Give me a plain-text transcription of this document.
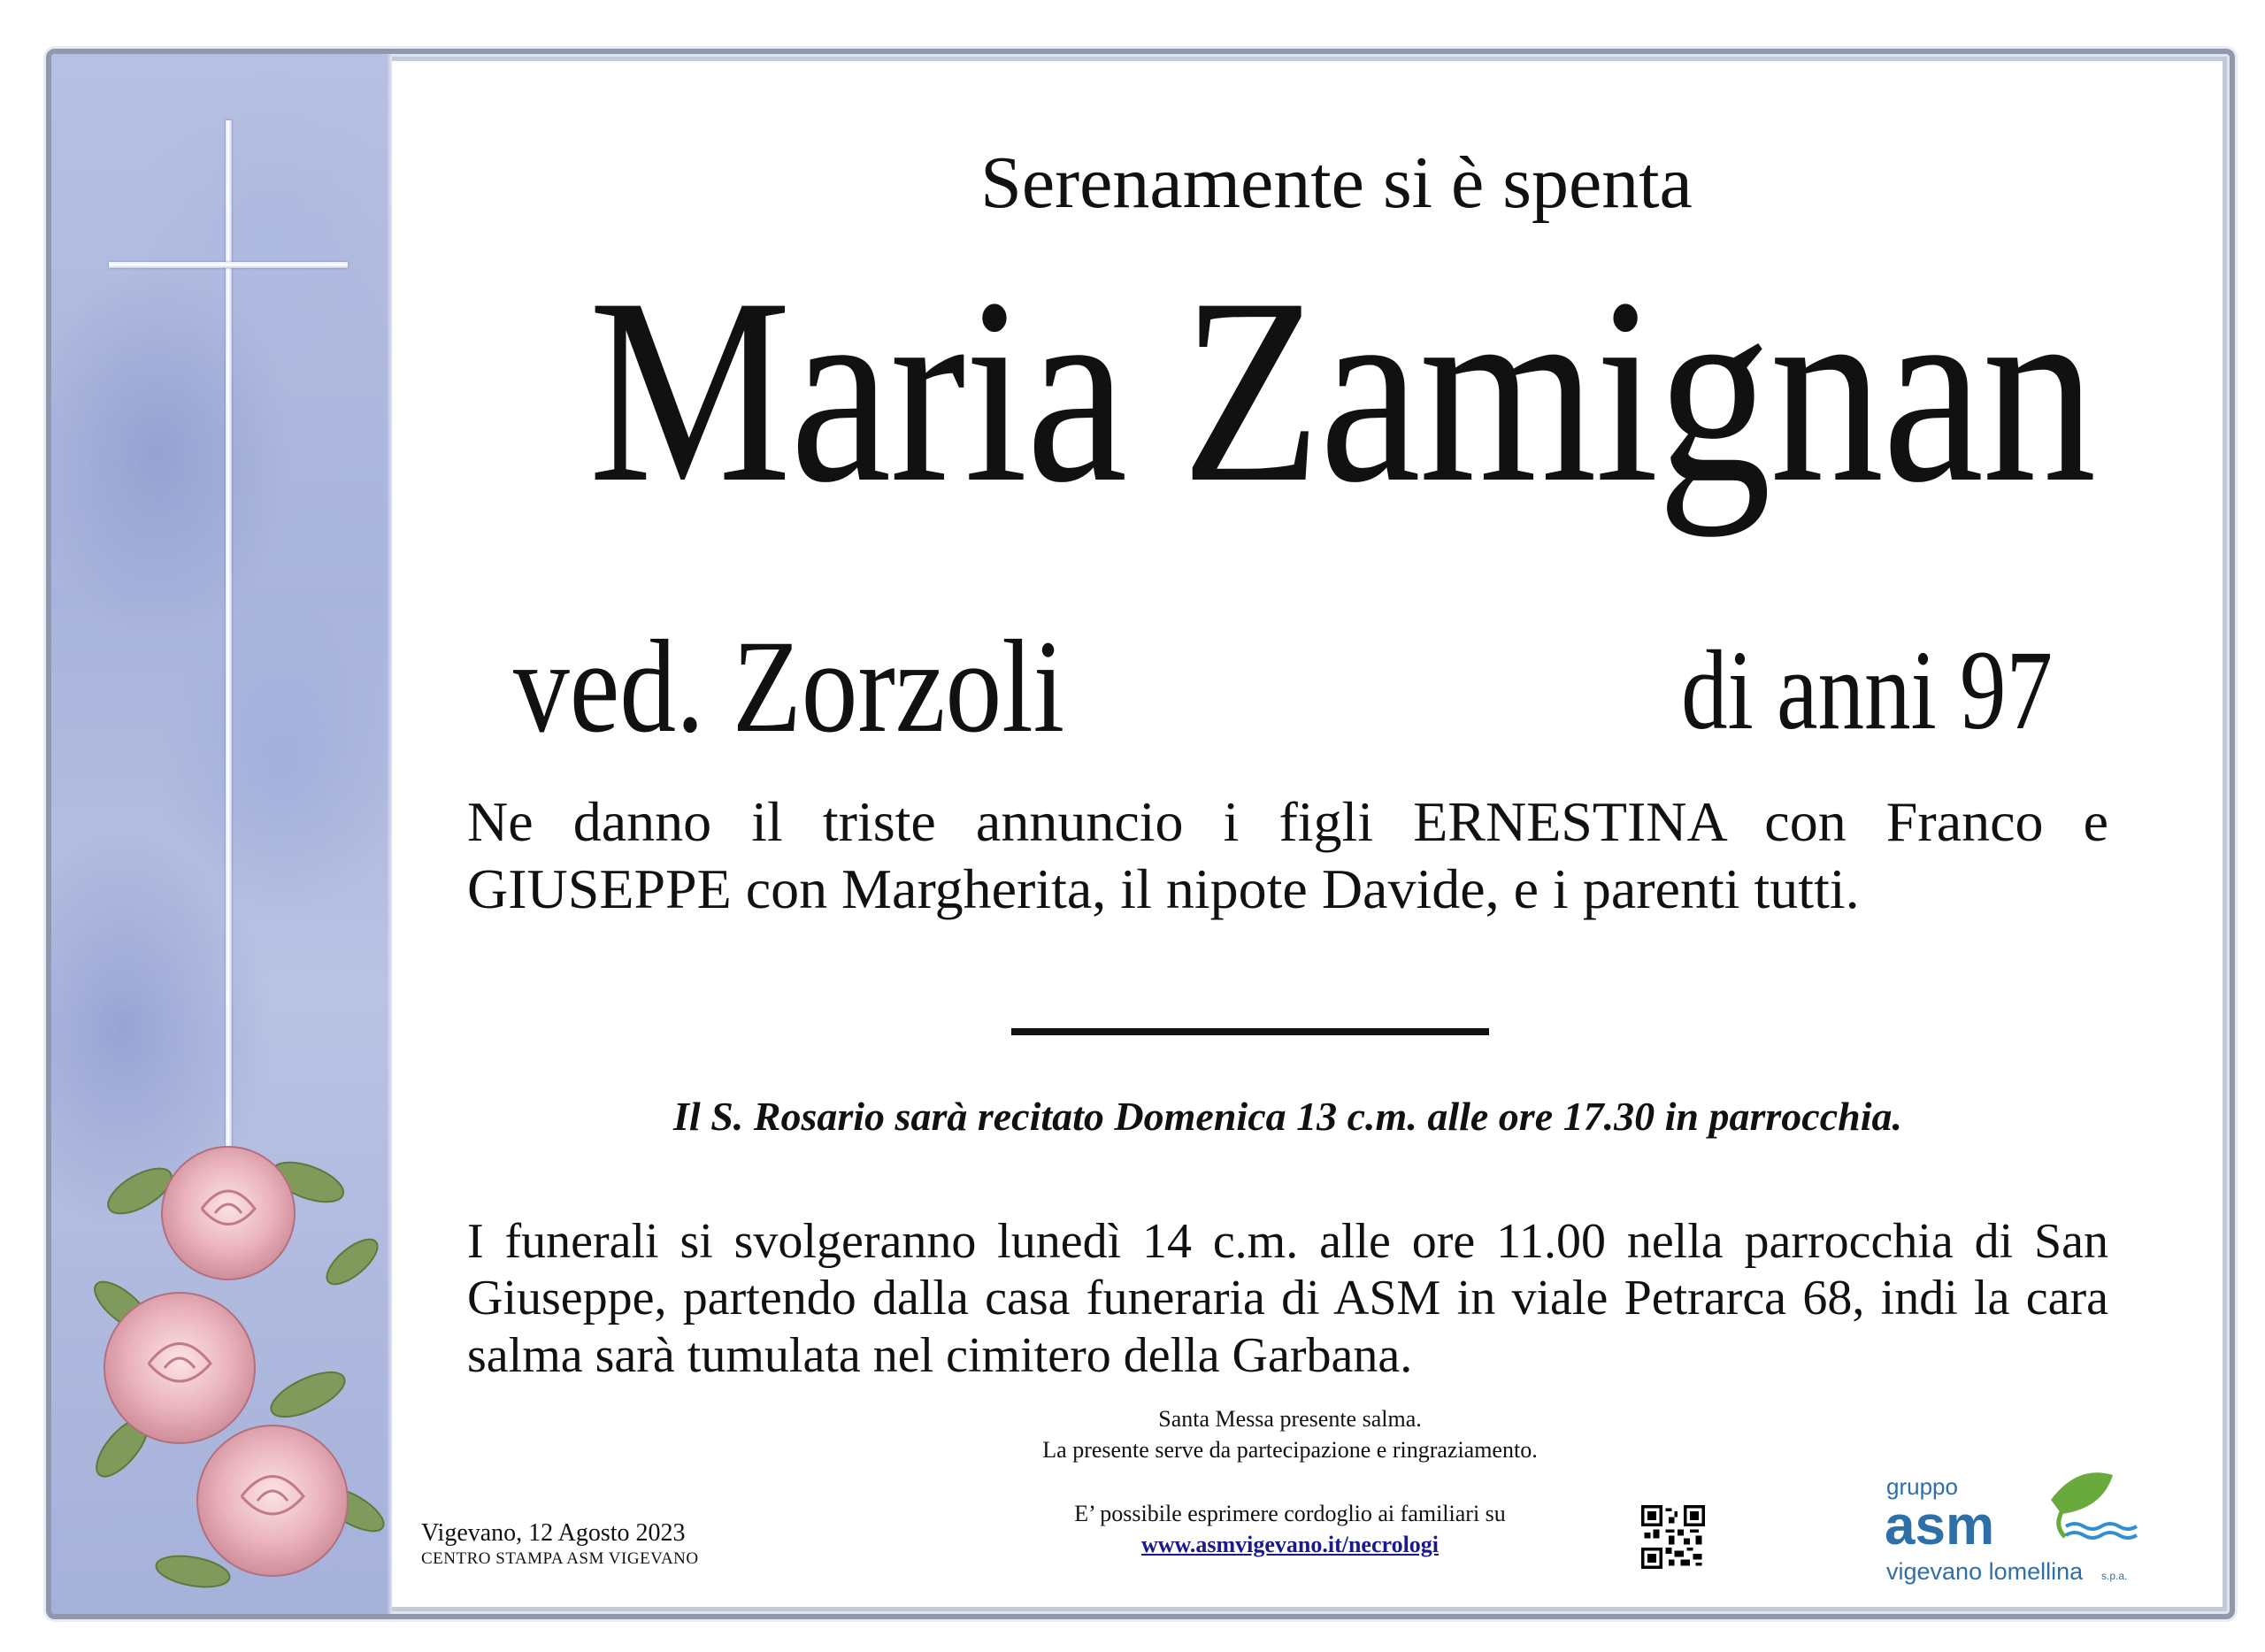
Serenamente si è spenta
Maria Zamignan
ved. Zorzoli	di anni 97
Ne danno il triste annuncio i figli ERNESTINA con Franco e GIUSEPPE con Margherita, il nipote Davide, e i parenti tutti.
Il S. Rosario sarà recitato Domenica 13 c.m. alle ore 17.30 in parrocchia.
I funerali si svolgeranno lunedì 14 c.m. alle ore 11.00 nella parrocchia di San Giuseppe, partendo dalla casa funeraria di ASM in viale Petrarca 68, indi la cara salma sarà tumulata nel cimitero della Garbana.
Santa Messa presente salma.
La presente serve da partecipazione e ringraziamento.
E’ possibile esprimere cordoglio ai familiari su
www.asmvigevano.it/necrologi
Vigevano, 12 Agosto 2023
CENTRO STAMPA ASM VIGEVANO
gruppo
asm
vigevano lomellina s.p.a.
